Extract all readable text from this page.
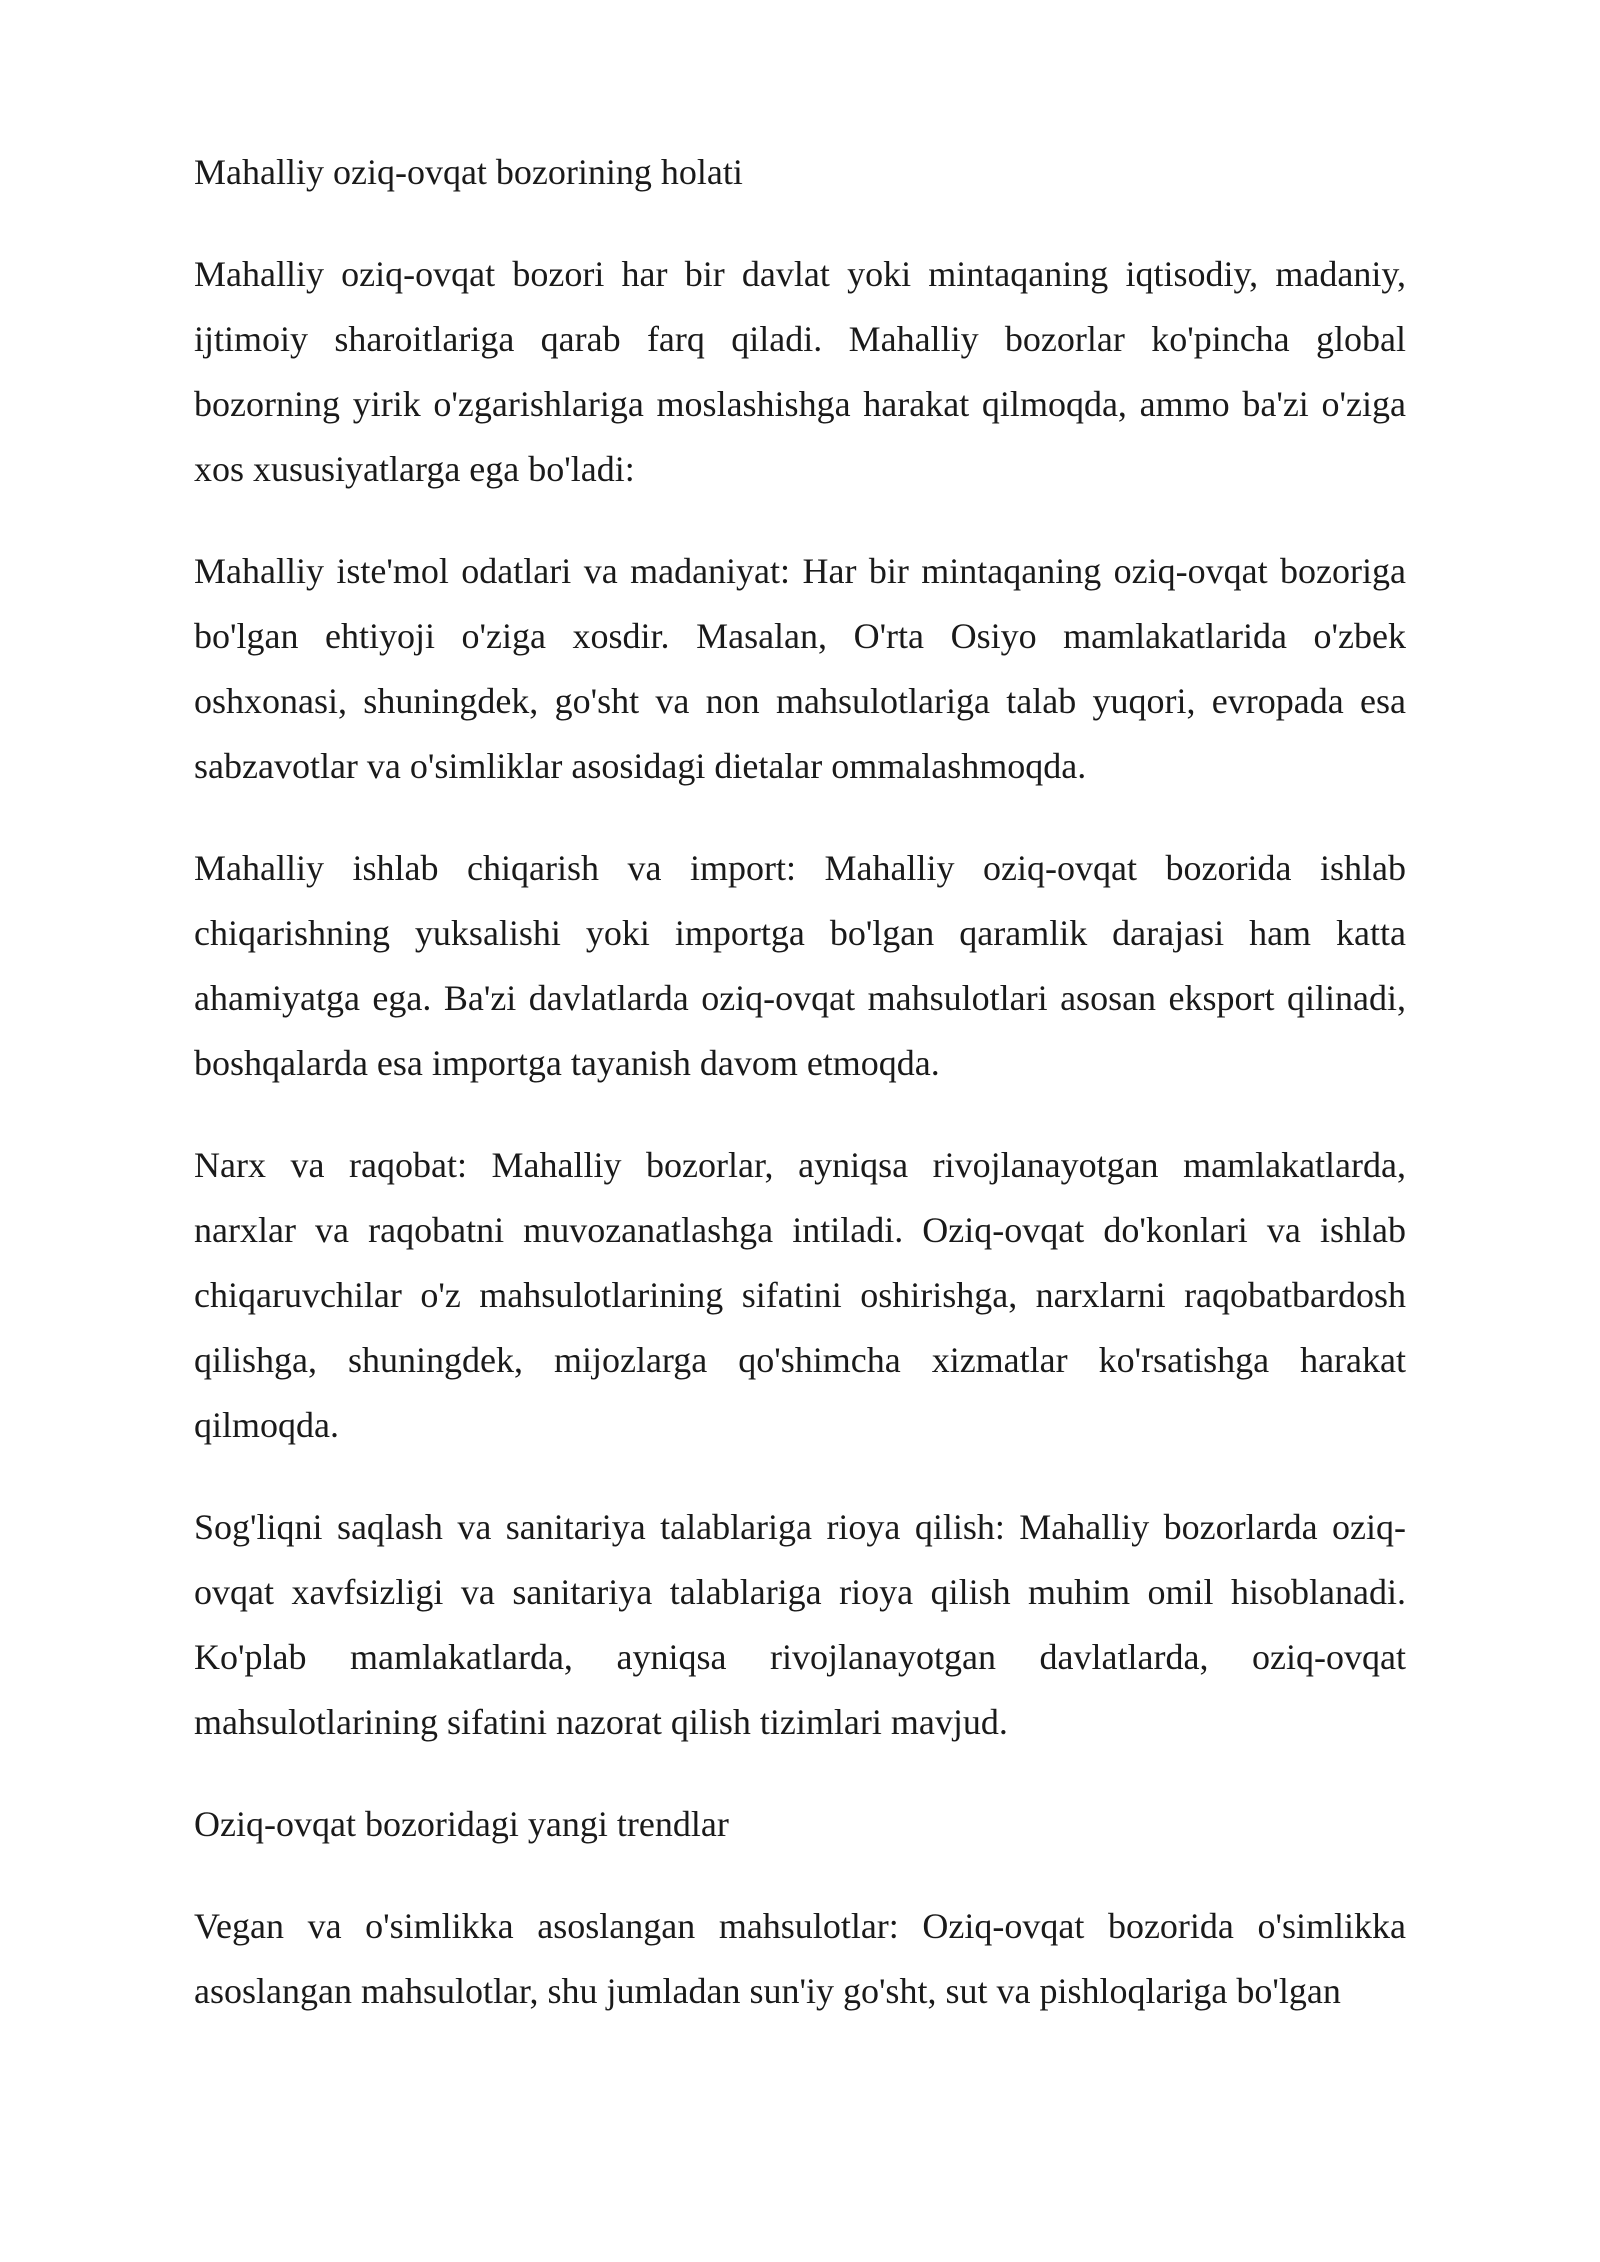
Mahalliy oziq-ovqat bozorining holati

Mahalliy oziq-ovqat bozori har bir davlat yoki mintaqaning iqtisodiy, madaniy, ijtimoiy sharoitlariga qarab farq qiladi. Mahalliy bozorlar ko'pincha global bozorning yirik o'zgarishlariga moslashishga harakat qilmoqda, ammo ba'zi o'ziga xos xususiyatlarga ega bo'ladi:

Mahalliy iste'mol odatlari va madaniyat: Har bir mintaqaning oziq-ovqat bozoriga bo'lgan ehtiyoji o'ziga xosdir. Masalan, O'rta Osiyo mamlakatlarida o'zbek oshxonasi, shuningdek, go'sht va non mahsulotlariga talab yuqori, evropada esa sabzavotlar va o'simliklar asosidagi dietalar ommalashmoqda.

Mahalliy ishlab chiqarish va import: Mahalliy oziq-ovqat bozorida ishlab chiqarishning yuksalishi yoki importga bo'lgan qaramlik darajasi ham katta ahamiyatga ega. Ba'zi davlatlarda oziq-ovqat mahsulotlari asosan eksport qilinadi, boshqalarda esa importga tayanish davom etmoqda.

Narx va raqobat: Mahalliy bozorlar, ayniqsa rivojlanayotgan mamlakatlarda, narxlar va raqobatni muvozanatlashga intiladi. Oziq-ovqat do'konlari va ishlab chiqaruvchilar o'z mahsulotlarining sifatini oshirishga, narxlarni raqobatbardosh qilishga, shuningdek, mijozlarga qo'shimcha xizmatlar ko'rsatishga harakat qilmoqda.

Sog'liqni saqlash va sanitariya talablariga rioya qilish: Mahalliy bozorlarda oziq-ovqat xavfsizligi va sanitariya talablariga rioya qilish muhim omil hisoblanadi. Ko'plab mamlakatlarda, ayniqsa rivojlanayotgan davlatlarda, oziq-ovqat mahsulotlarining sifatini nazorat qilish tizimlari mavjud.

Oziq-ovqat bozoridagi yangi trendlar

Vegan va o'simlikka asoslangan mahsulotlar: Oziq-ovqat bozorida o'simlikka asoslangan mahsulotlar, shu jumladan sun'iy go'sht, sut va pishloqlariga bo'lgan
